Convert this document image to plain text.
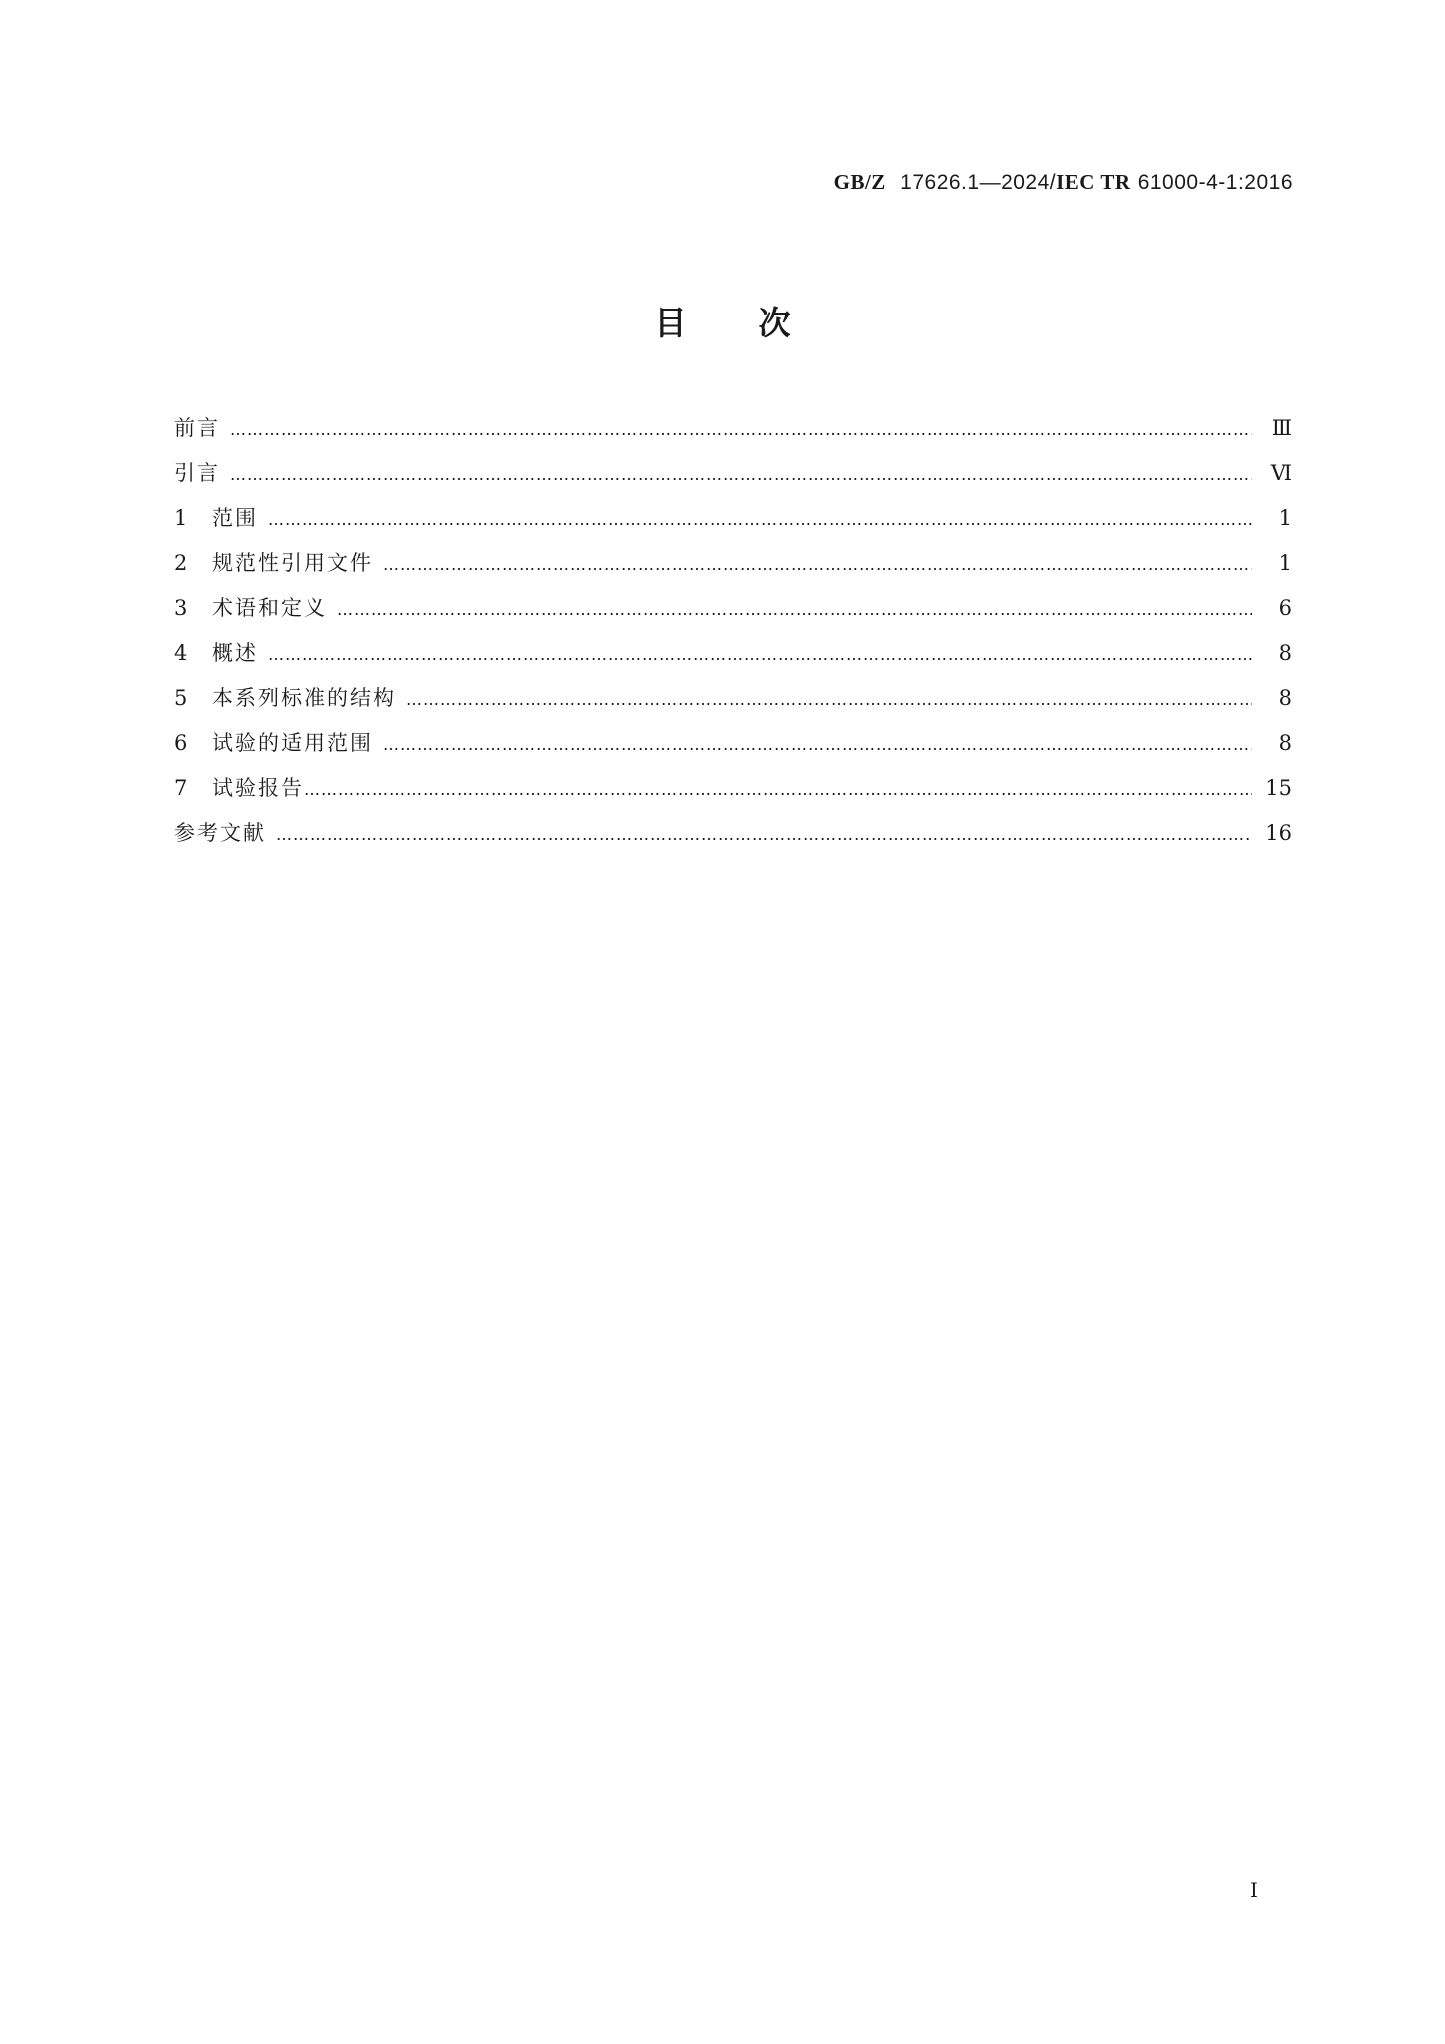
GB/Z 17626.1—2024/IEC TR 61000-4-1:2016
目次
前言 …………………………………………………………………………………………………………………………………………………………………………………………………………………………………………	Ⅲ
引言 …………………………………………………………………………………………………………………………………………………………………………………………………………………………………………	Ⅵ
1	范围 …………………………………………………………………………………………………………………………………………………………………………………………………………………………………………	1
2	规范性引用文件 …………………………………………………………………………………………………………………………………………………………………………………………………………………………………………	1
3	术语和定义 …………………………………………………………………………………………………………………………………………………………………………………………………………………………………………	6
4	概述 …………………………………………………………………………………………………………………………………………………………………………………………………………………………………………	8
5	本系列标准的结构 …………………………………………………………………………………………………………………………………………………………………………………………………………………………………………	8
6	试验的适用范围 …………………………………………………………………………………………………………………………………………………………………………………………………………………………………………	8
7	试验报告 …………………………………………………………………………………………………………………………………………………………………………………………………………………………………………	15
参考文献 …………………………………………………………………………………………………………………………………………………………………………………………………………………………………………	16
I
